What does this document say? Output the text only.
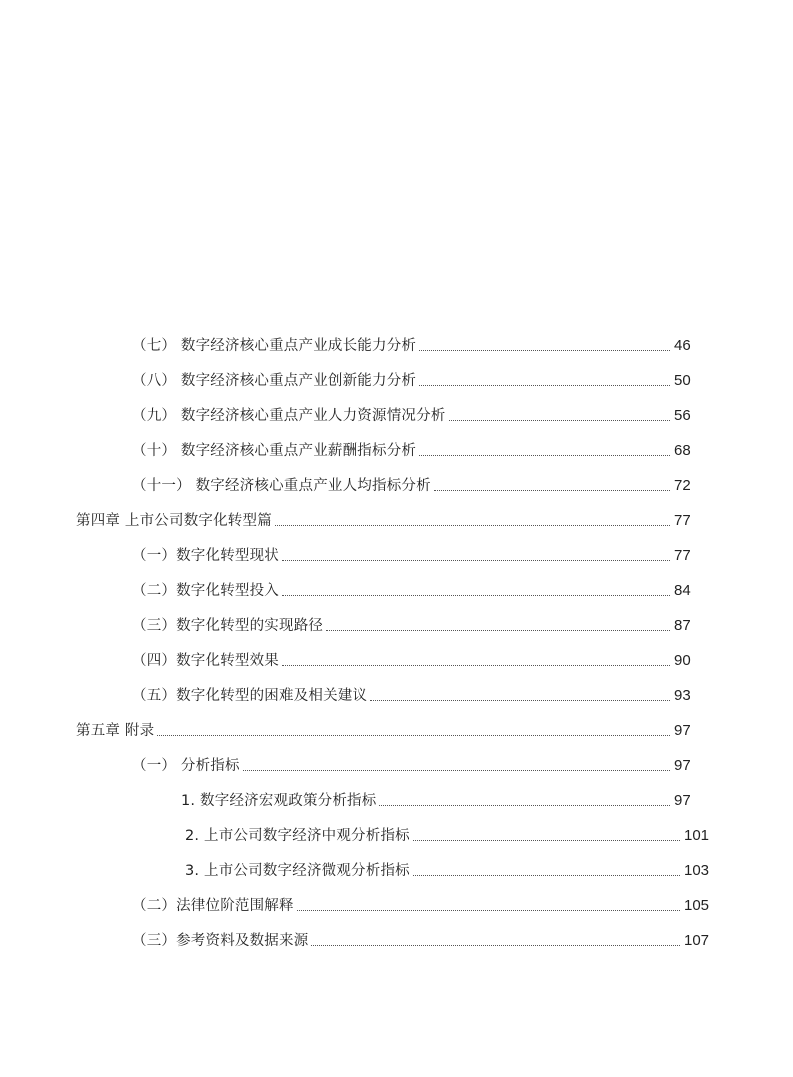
（七） 数字经济核心重点产业成长能力分析	46
（八） 数字经济核心重点产业创新能力分析	50
（九） 数字经济核心重点产业人力资源情况分析	56
（十） 数字经济核心重点产业薪酬指标分析	68
（十一） 数字经济核心重点产业人均指标分析	72
第四章 上市公司数字化转型篇	77
（一）数字化转型现状	77
（二）数字化转型投入	84
（三）数字化转型的实现路径	87
（四）数字化转型效果	90
（五）数字化转型的困难及相关建议	93
第五章 附录	97
（一） 分析指标	97
1. 数字经济宏观政策分析指标	97
2. 上市公司数字经济中观分析指标	101
3. 上市公司数字经济微观分析指标	103
（二）法律位阶范围解释	105
（三）参考资料及数据来源	107
